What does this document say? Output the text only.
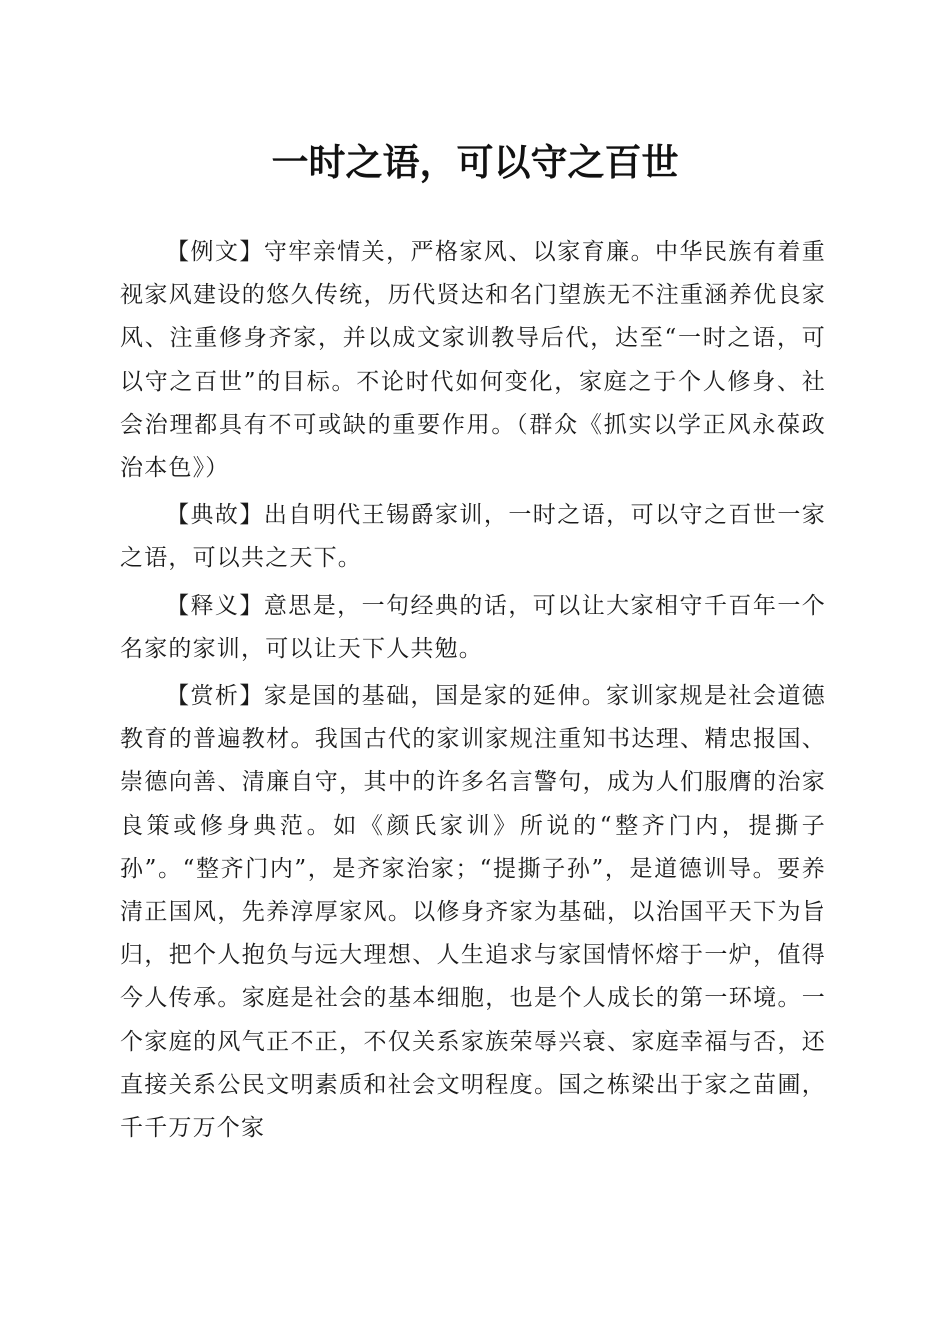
一时之语，可以守之百世

【例文】守牢亲情关，严格家风、以家育廉。中华民族有着重视家风建设的悠久传统，历代贤达和名门望族无不注重涵养优良家风、注重修身齐家，并以成文家训教导后代，达至“一时之语，可以守之百世”的目标。不论时代如何变化，家庭之于个人修身、社会治理都具有不可或缺的重要作用。（群众《抓实以学正风永葆政治本色》）

【典故】出自明代王锡爵家训，一时之语，可以守之百世一家之语，可以共之天下。

【释义】意思是，一句经典的话，可以让大家相守千百年一个名家的家训，可以让天下人共勉。

【赏析】家是国的基础，国是家的延伸。家训家规是社会道德教育的普遍教材。我国古代的家训家规注重知书达理、精忠报国、崇德向善、清廉自守，其中的许多名言警句，成为人们服膺的治家良策或修身典范。如《颜氏家训》所说的“整齐门内，提撕子孙”。“整齐门内”，是齐家治家；“提撕子孙”，是道德训导。要养清正国风，先养淳厚家风。以修身齐家为基础，以治国平天下为旨归，把个人抱负与远大理想、人生追求与家国情怀熔于一炉，值得今人传承。家庭是社会的基本细胞，也是个人成长的第一环境。一个家庭的风气正不正，不仅关系家族荣辱兴衰、家庭幸福与否，还直接关系公民文明素质和社会文明程度。国之栋梁出于家之苗圃，千千万万个家
